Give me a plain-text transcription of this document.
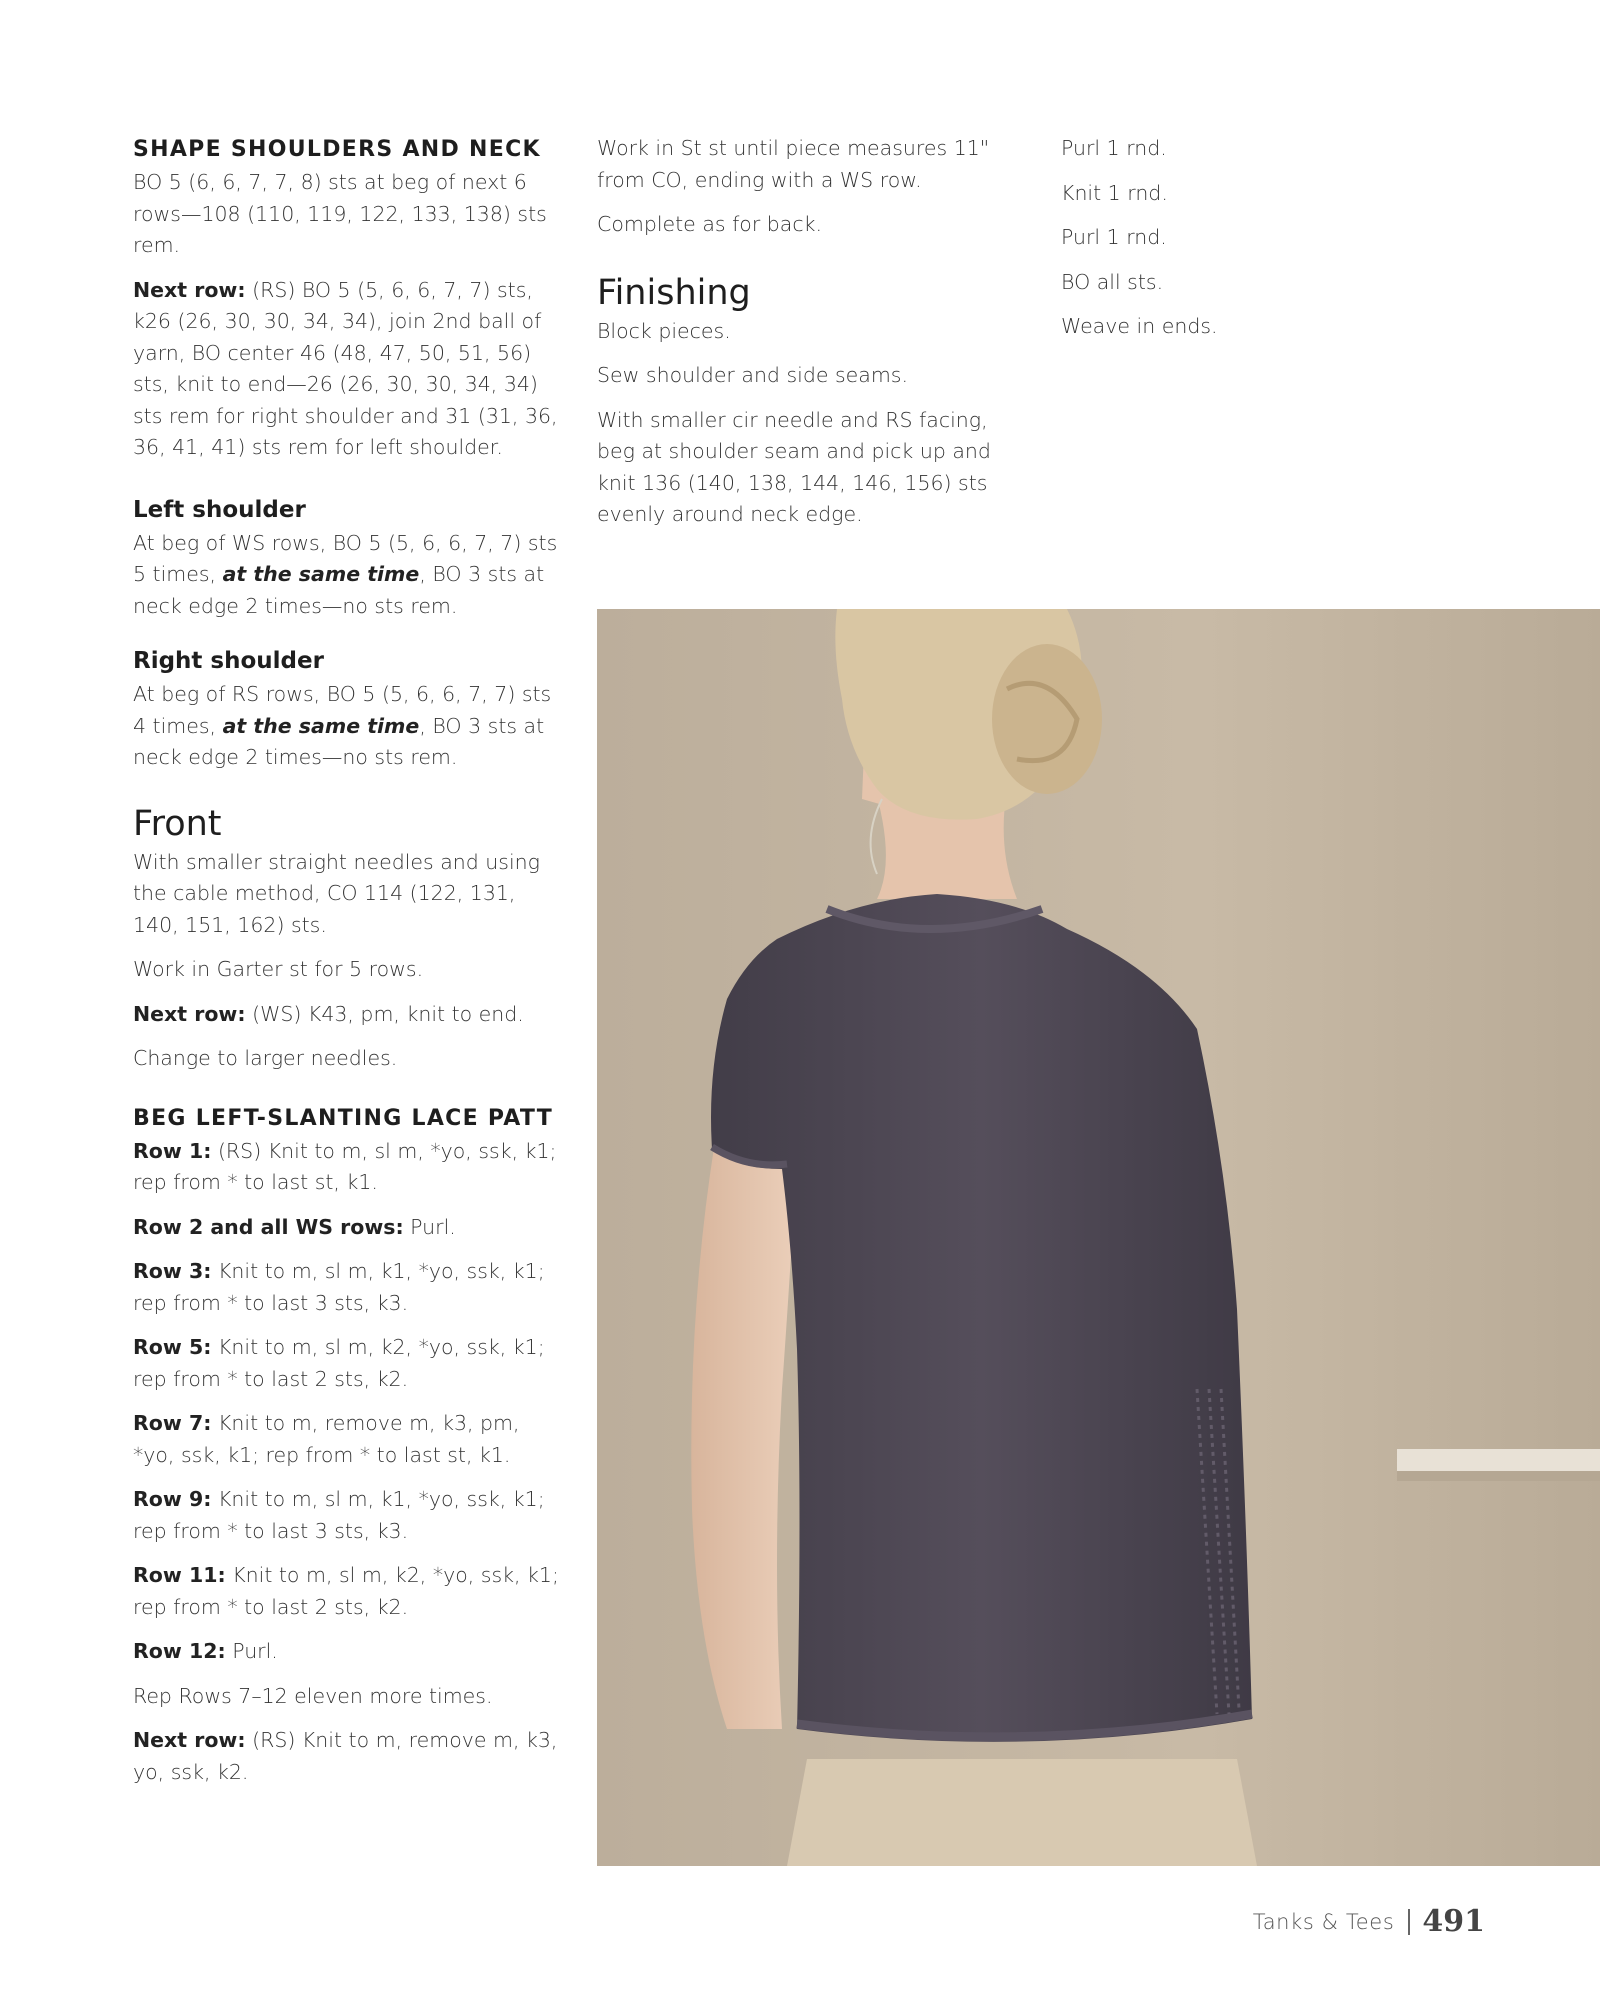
SHAPE SHOULDERS AND NECK

BO 5 (6, 6, 7, 7, 8) sts at beg of next 6 rows—108 (110, 119, 122, 133, 138) sts rem.

Next row: (RS) BO 5 (5, 6, 6, 7, 7) sts, k26 (26, 30, 30, 34, 34), join 2nd ball of yarn, BO center 46 (48, 47, 50, 51, 56) sts, knit to end—26 (26, 30, 30, 34, 34) sts rem for right shoulder and 31 (31, 36, 36, 41, 41) sts rem for left shoulder.

Left shoulder

At beg of WS rows, BO 5 (5, 6, 6, 7, 7) sts 5 times, at the same time, BO 3 sts at neck edge 2 times—no sts rem.

Right shoulder

At beg of RS rows, BO 5 (5, 6, 6, 7, 7) sts 4 times, at the same time, BO 3 sts at neck edge 2 times—no sts rem.

Front

With smaller straight needles and using the cable method, CO 114 (122, 131, 140, 151, 162) sts.

Work in Garter st for 5 rows.

Next row: (WS) K43, pm, knit to end.

Change to larger needles.

BEG LEFT-SLANTING LACE PATT

Row 1: (RS) Knit to m, sl m, *yo, ssk, k1; rep from * to last st, k1.

Row 2 and all WS rows: Purl.

Row 3: Knit to m, sl m, k1, *yo, ssk, k1; rep from * to last 3 sts, k3.

Row 5: Knit to m, sl m, k2, *yo, ssk, k1; rep from * to last 2 sts, k2.

Row 7: Knit to m, remove m, k3, pm, *yo, ssk, k1; rep from * to last st, k1.

Row 9: Knit to m, sl m, k1, *yo, ssk, k1; rep from * to last 3 sts, k3.

Row 11: Knit to m, sl m, k2, *yo, ssk, k1; rep from * to last 2 sts, k2.

Row 12: Purl.

Rep Rows 7–12 eleven more times.

Next row: (RS) Knit to m, remove m, k3, yo, ssk, k2.

Work in St st until piece measures 11" from CO, ending with a WS row.

Complete as for back.

Finishing

Block pieces.

Sew shoulder and side seams.

With smaller cir needle and RS facing, beg at shoulder seam and pick up and knit 136 (140, 138, 144, 146, 156) sts evenly around neck edge.

Purl 1 rnd.

Knit 1 rnd.

Purl 1 rnd.

BO all sts.

Weave in ends.

Tanks & Tees 491
